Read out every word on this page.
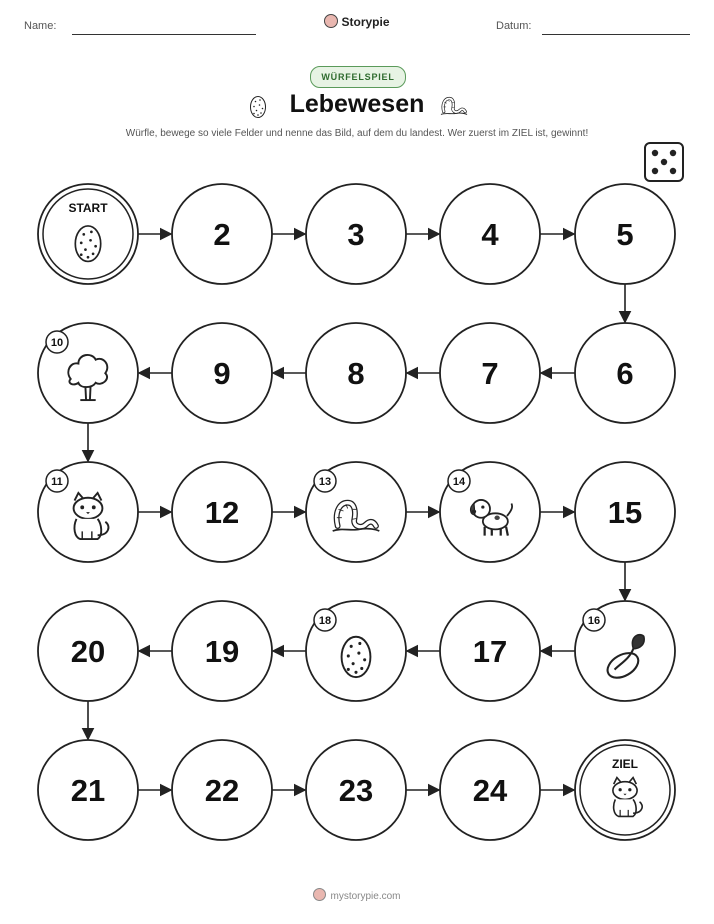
Name:	Storypie	Datum:
WÜRFELSPIEL
Lebewesen
Würfle, bewege so viele Felder und nenne das Bild, auf dem du landest. Wer zuerst im ZIEL ist, gewinnt!
START
2	3	4	5
6
7
8
9
10
11
12
13	14
15
16
17
18
19
20
21	22	23	24
ZIEL
mystorypie.com
